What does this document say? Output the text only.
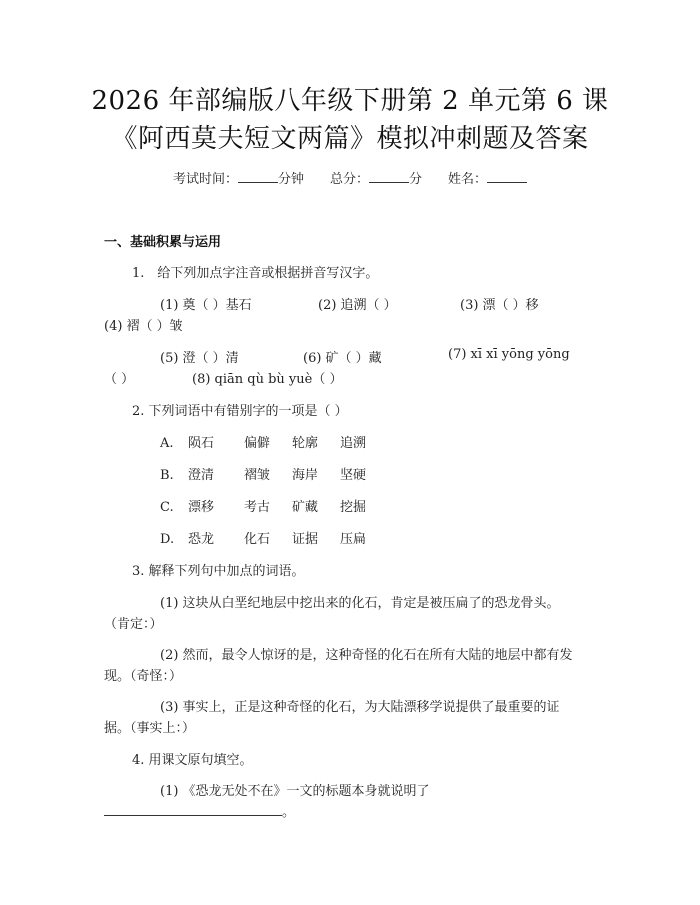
2026 年部编版八年级下册第 2 单元第 6 课
《阿西莫夫短文两篇》模拟冲刺题及答案
考试时间：	分钟 总分：	分 姓名：
一、基础积累与运用
1.　给下列加点字注音或根据拼音写汉字。
(1) 奠（ ）基石	(2) 追溯（ ）	(3) 漂（ ）移
(4) 褶（ ）皱
(5) 澄（ ）清	(6) 矿（ ）藏	(7) xī xī yōng yōng
（ ）	(8) qiān qù bù yuè（ ）
2. 下列词语中有错别字的一项是（ ）
A. 陨石 偏僻 轮廓 追溯
B. 澄清 褶皱 海岸 坚硬
C. 漂移 考古 矿藏 挖掘
D. 恐龙 化石 证据 压扁
3. 解释下列句中加点的词语。
(1) 这块从白垩纪地层中挖出来的化石，肯定是被压扁了的恐龙骨头。
（肯定：）
(2) 然而，最令人惊讶的是，这种奇怪的化石在所有大陆的地层中都有发
现。（奇怪：）
(3) 事实上，正是这种奇怪的化石，为大陆漂移学说提供了最重要的证
据。（事实上：）
4. 用课文原句填空。
(1) 《恐龙无处不在》一文的标题本身就说明了
。
